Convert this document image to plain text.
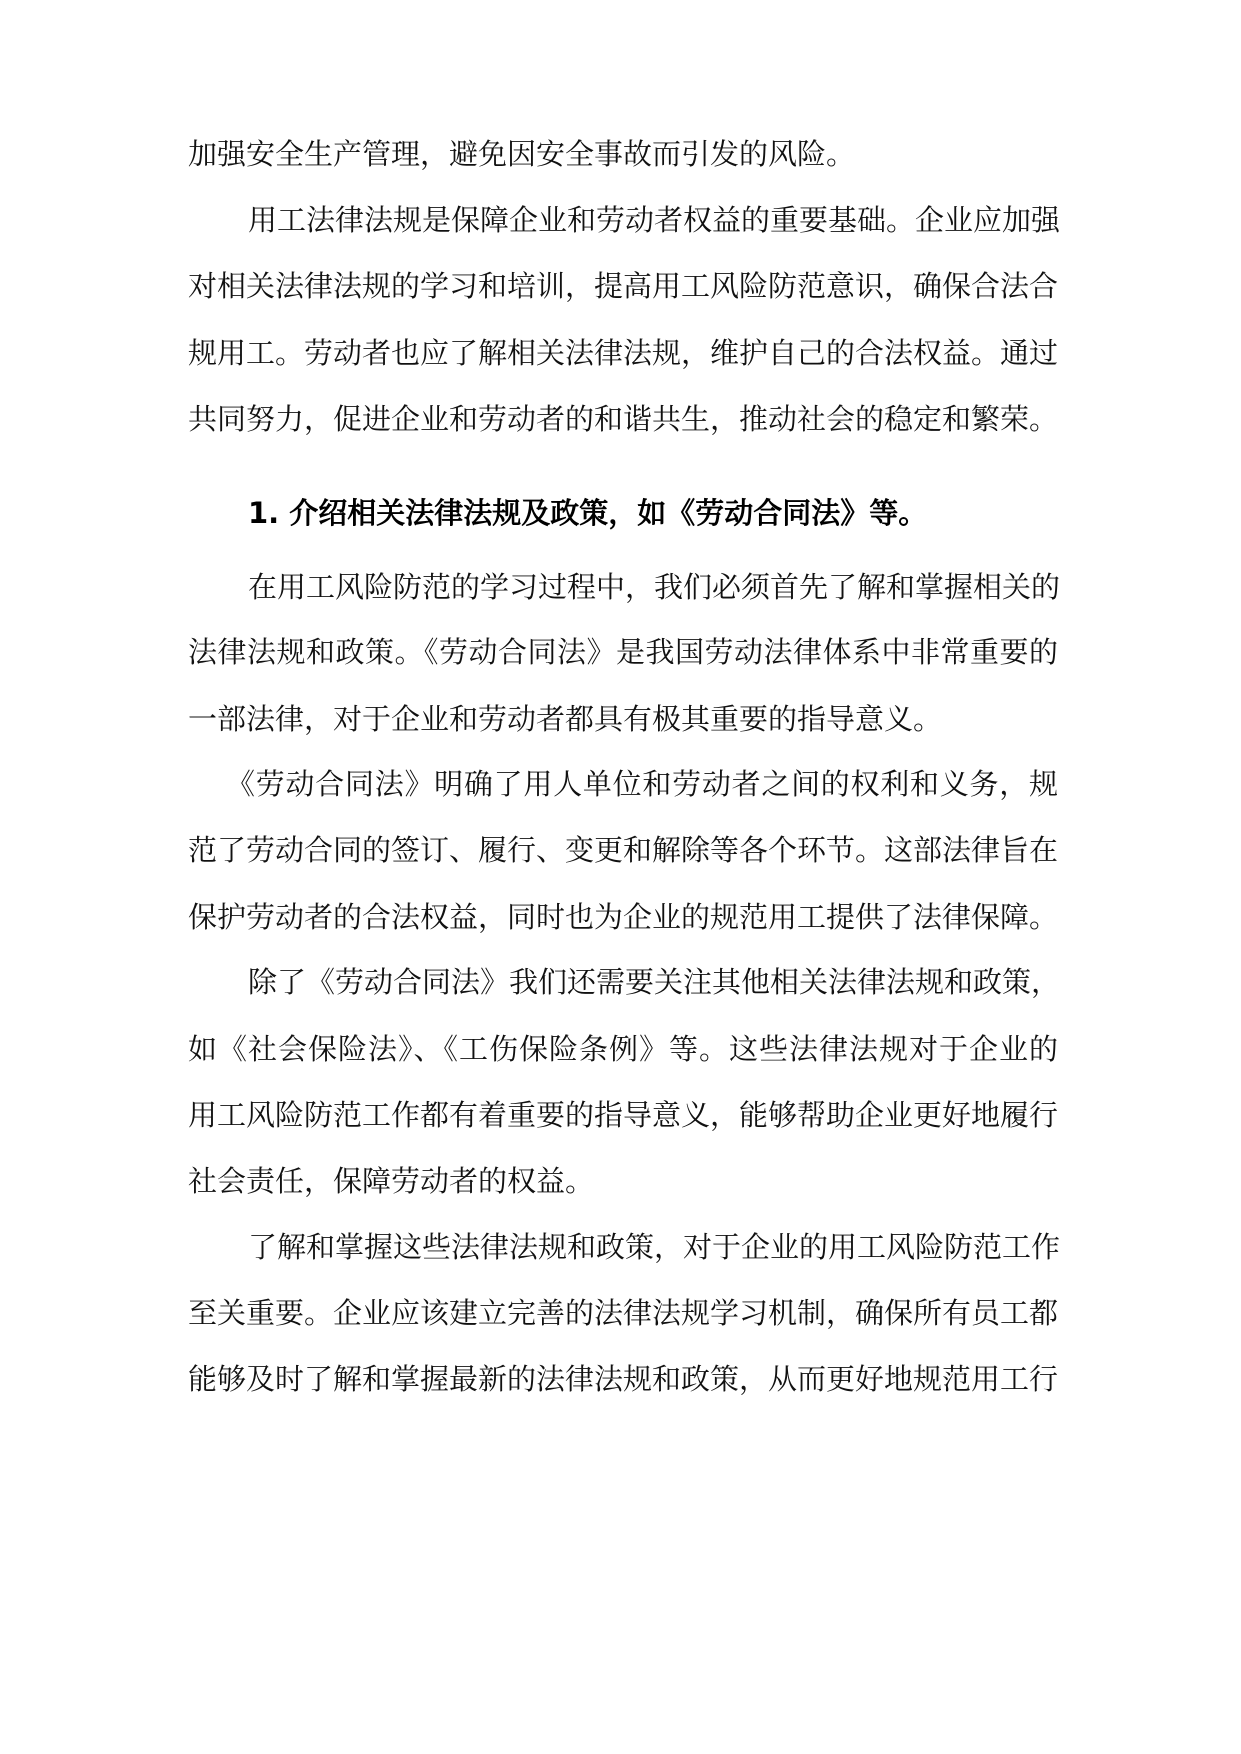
加强安全生产管理，避免因安全事故而引发的风险。
用工法律法规是保障企业和劳动者权益的重要基础。企业应加强
对相关法律法规的学习和培训，提高用工风险防范意识，确保合法合
规用工。劳动者也应了解相关法律法规，维护自己的合法权益。通过
共同努力，促进企业和劳动者的和谐共生，推动社会的稳定和繁荣。
1. 介绍相关法律法规及政策，如《劳动合同法》等。
在用工风险防范的学习过程中，我们必须首先了解和掌握相关的
法律法规和政策。《劳动合同法》是我国劳动法律体系中非常重要的
一部法律，对于企业和劳动者都具有极其重要的指导意义。
《劳动合同法》明确了用人单位和劳动者之间的权利和义务，规
范了劳动合同的签订、履行、变更和解除等各个环节。这部法律旨在
保护劳动者的合法权益，同时也为企业的规范用工提供了法律保障。
除了《劳动合同法》我们还需要关注其他相关法律法规和政策，
如《社会保险法》、《工伤保险条例》等。这些法律法规对于企业的
用工风险防范工作都有着重要的指导意义，能够帮助企业更好地履行
社会责任，保障劳动者的权益。
了解和掌握这些法律法规和政策，对于企业的用工风险防范工作
至关重要。企业应该建立完善的法律法规学习机制，确保所有员工都
能够及时了解和掌握最新的法律法规和政策，从而更好地规范用工行
